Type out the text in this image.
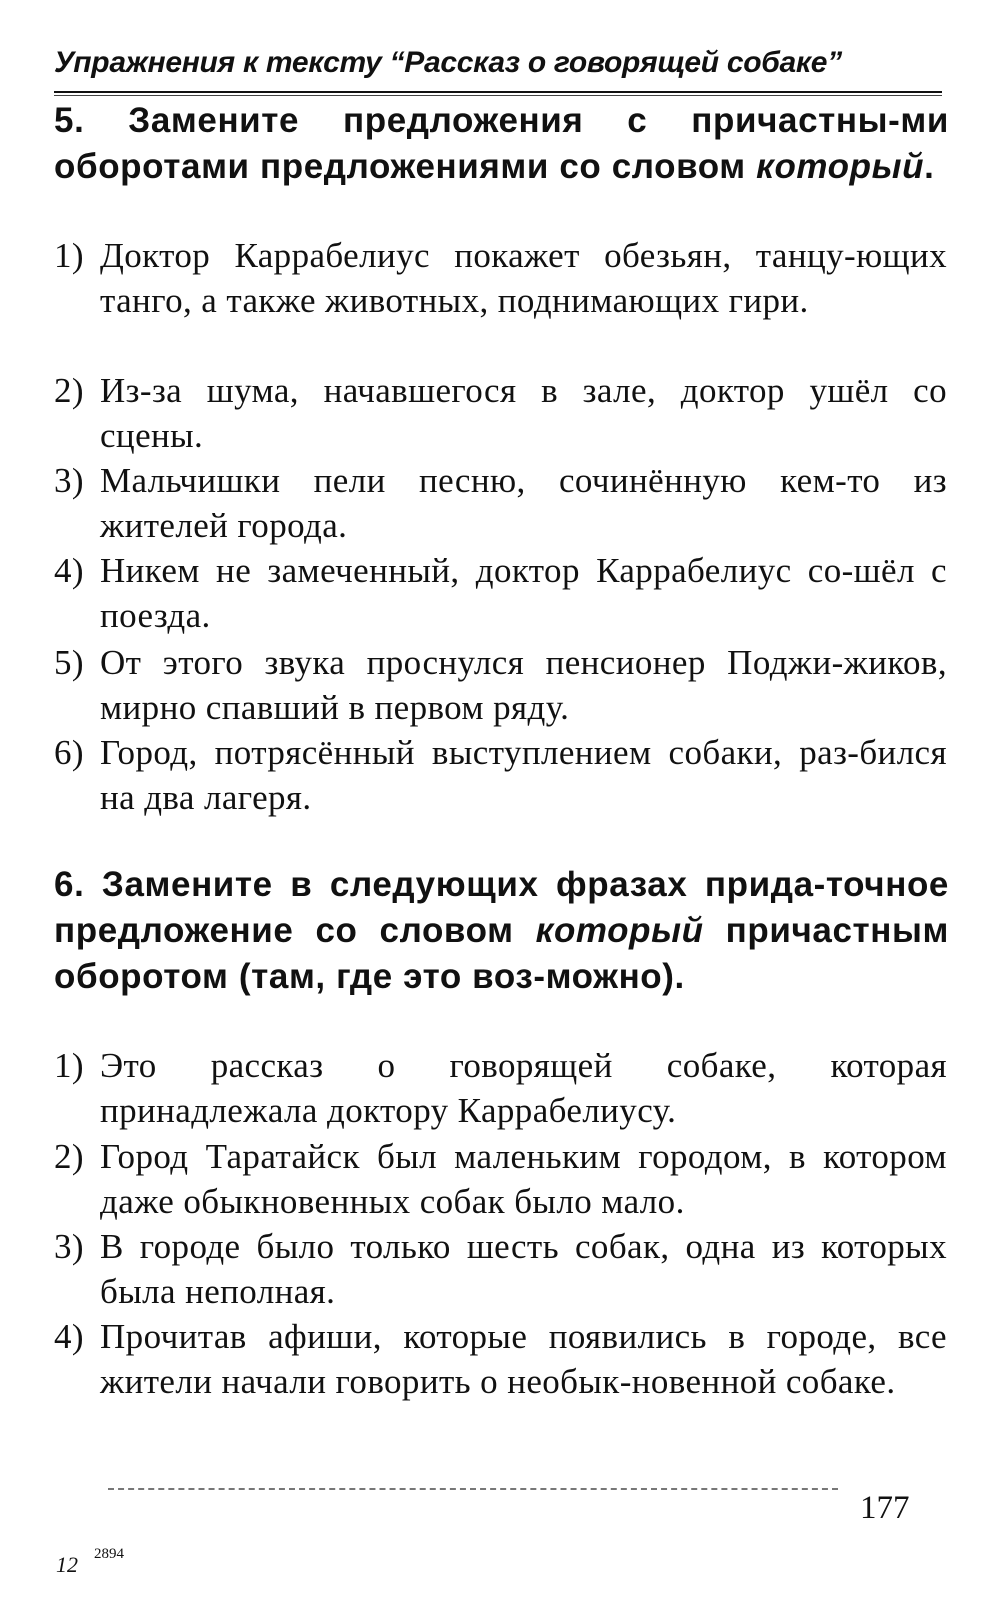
Упражнения к тексту “Рассказ о говорящей собаке”
5. Замените предложения с причастны-ми оборотами предложениями со словом который.
1) Доктор Каррабелиус покажет обезьян, танцу-ющих танго, а также животных, поднимающих гири.
2) Из-за шума, начавшегося в зале, доктор ушёл со сцены.
3) Мальчишки пели песню, сочинённую кем-то из жителей города.
4) Никем не замеченный, доктор Каррабелиус со-шёл с поезда.
5) От этого звука проснулся пенсионер Поджи-жиков, мирно спавший в первом ряду.
6) Город, потрясённый выступлением собаки, раз-бился на два лагеря.
6. Замените в следующих фразах прида-точное предложение со словом который причастным оборотом (там, где это воз-можно).
1) Это рассказ о говорящей собаке, которая принадлежала доктору Каррабелиусу.
2) Город Таратайск был маленьким городом, в котором даже обыкновенных собак было мало.
3) В городе было только шесть собак, одна из которых была неполная.
4) Прочитав афиши, которые появились в городе, все жители начали говорить о необык-новенной собаке.
177
12 2894
